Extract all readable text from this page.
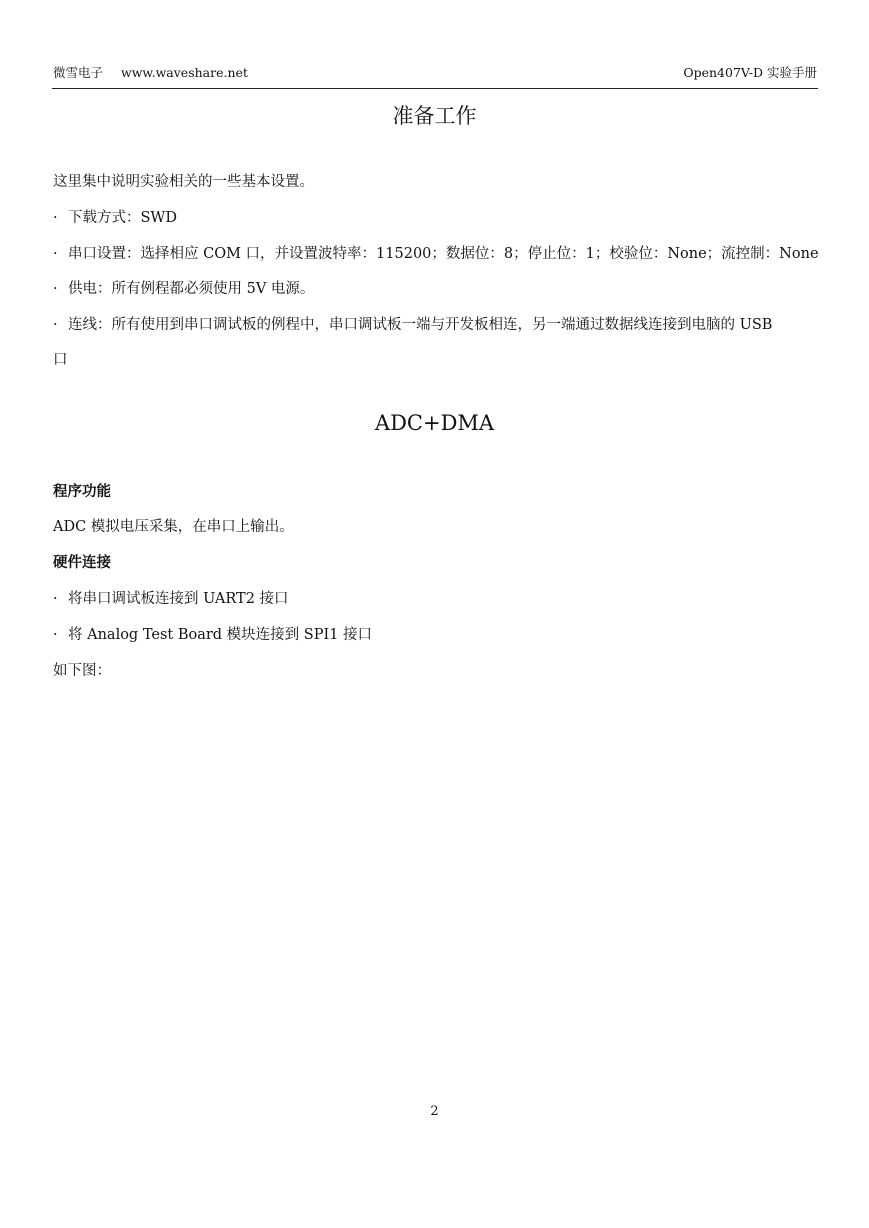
微雪电子 www.waveshare.net	Open407V-D 实验手册
准备工作

这里集中说明实验相关的一些基本设置。

· 下载方式：SWD

· 串口设置：选择相应 COM 口，并设置波特率：115200；数据位：8；停止位：1；校验位：None；流控制：None

· 供电：所有例程都必须使用 5V 电源。

· 连线：所有使用到串口调试板的例程中，串口调试板一端与开发板相连，另一端通过数据线连接到电脑的 USB

口

ADC+DMA
程序功能

ADC 模拟电压采集，在串口上输出。

硬件连接

· 将串口调试板连接到 UART2 接口

· 将 Analog Test Board 模块连接到 SPI1 接口

如下图：

2
